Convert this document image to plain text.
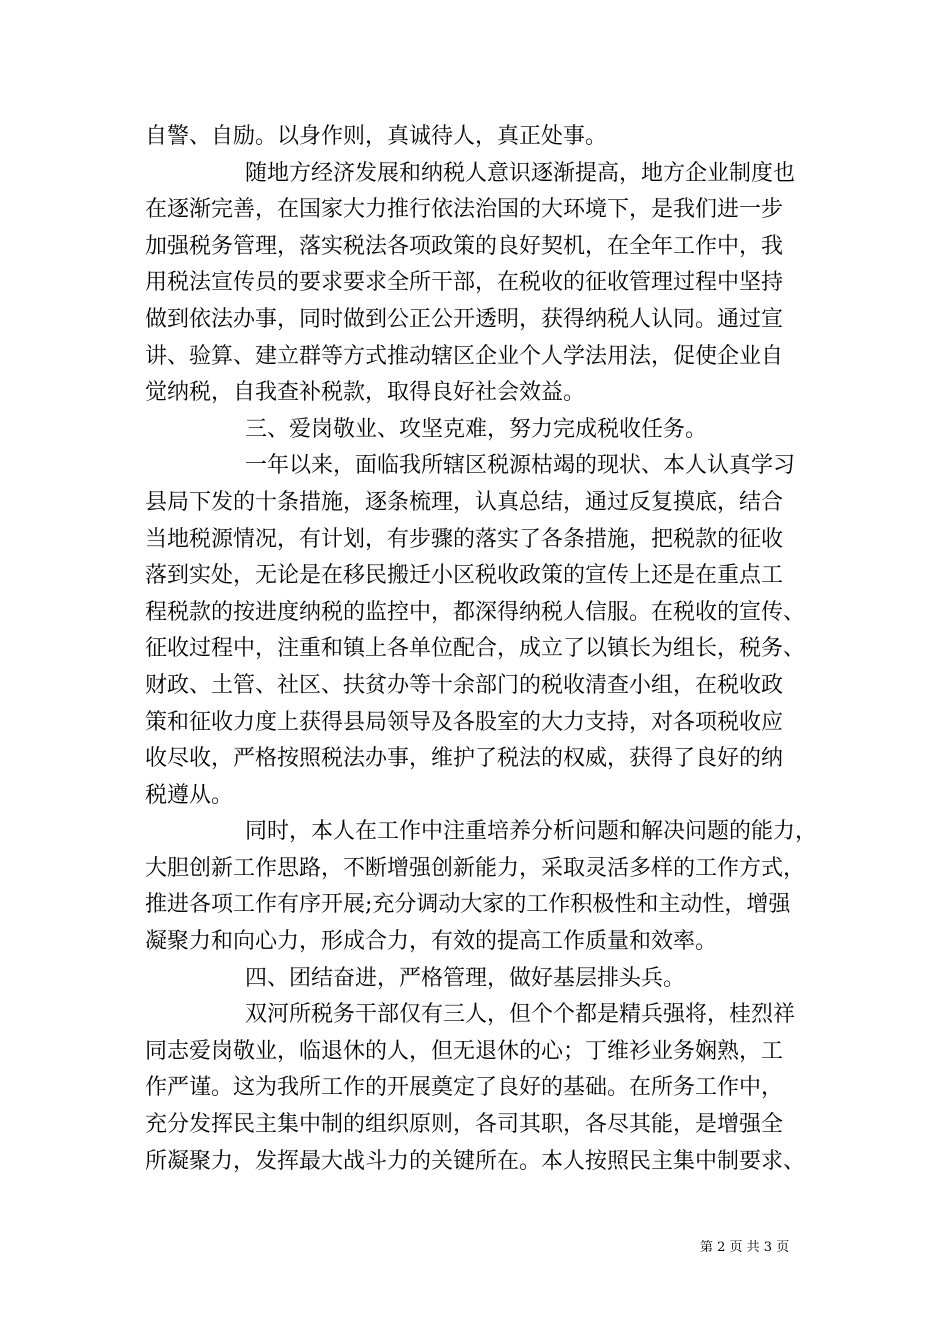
自警、自励。以身作则，真诚待人，真正处事。
随地方经济发展和纳税人意识逐渐提高，地方企业制度也
在逐渐完善，在国家大力推行依法治国的大环境下，是我们进一步
加强税务管理，落实税法各项政策的良好契机，在全年工作中，我
用税法宣传员的要求要求全所干部，在税收的征收管理过程中坚持
做到依法办事，同时做到公正公开透明，获得纳税人认同。通过宣
讲、验算、建立群等方式推动辖区企业个人学法用法，促使企业自
觉纳税，自我查补税款，取得良好社会效益。
三、爱岗敬业、攻坚克难，努力完成税收任务。
一年以来，面临我所辖区税源枯竭的现状、本人认真学习
县局下发的十条措施，逐条梳理，认真总结，通过反复摸底，结合
当地税源情况，有计划，有步骤的落实了各条措施，把税款的征收
落到实处，无论是在移民搬迁小区税收政策的宣传上还是在重点工
程税款的按进度纳税的监控中，都深得纳税人信服。在税收的宣传、
征收过程中，注重和镇上各单位配合，成立了以镇长为组长，税务、
财政、土管、社区、扶贫办等十余部门的税收清查小组，在税收政
策和征收力度上获得县局领导及各股室的大力支持，对各项税收应
收尽收，严格按照税法办事，维护了税法的权威，获得了良好的纳
税遵从。
同时，本人在工作中注重培养分析问题和解决问题的能力，
大胆创新工作思路，不断增强创新能力，采取灵活多样的工作方式，
推进各项工作有序开展;充分调动大家的工作积极性和主动性，增强
凝聚力和向心力，形成合力，有效的提高工作质量和效率。
四、团结奋进，严格管理，做好基层排头兵。
双河所税务干部仅有三人，但个个都是精兵强将，桂烈祥
同志爱岗敬业，临退休的人，但无退休的心；丁维衫业务娴熟，工
作严谨。这为我所工作的开展奠定了良好的基础。在所务工作中，
充分发挥民主集中制的组织原则，各司其职，各尽其能，是增强全
所凝聚力，发挥最大战斗力的关键所在。本人按照民主集中制要求、
第 2 页 共 3 页
